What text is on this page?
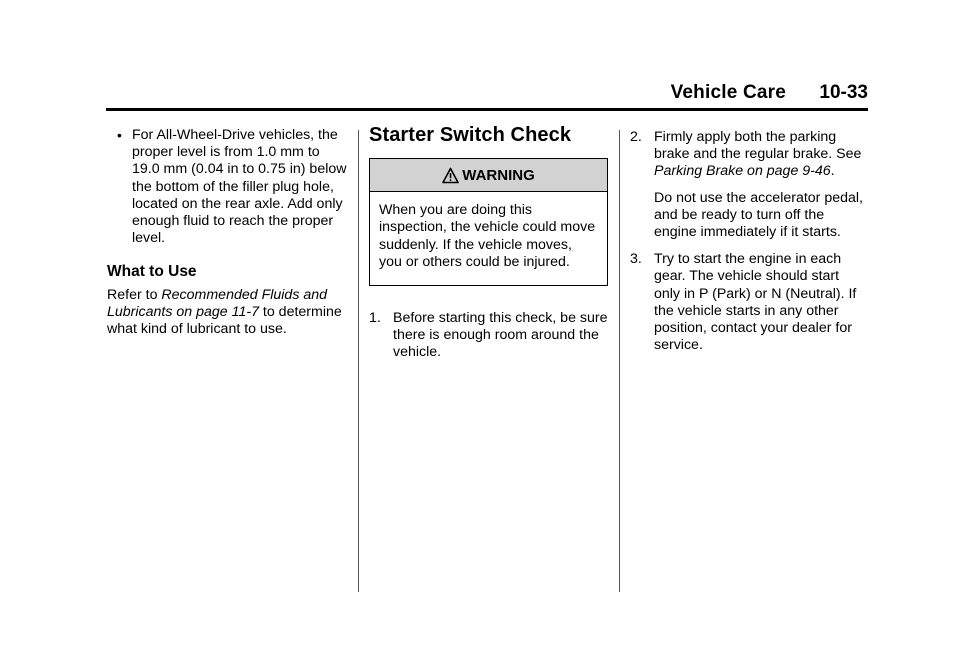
Vehicle Care 10-33
• For All-Wheel-Drive vehicles, the proper level is from 1.0 mm to 19.0 mm (0.04 in to 0.75 in) below the bottom of the filler plug hole, located on the rear axle. Add only enough fluid to reach the proper level.

What to Use

Refer to Recommended Fluids and Lubricants on page 11-7 to determine what kind of lubricant to use.

Starter Switch Check
WARNING
When you are doing this inspection, the vehicle could move suddenly. If the vehicle moves, you or others could be injured.
1. Before starting this check, be sure there is enough room around the vehicle.

2. Firmly apply both the parking brake and the regular brake. See Parking Brake on page 9-46.

Do not use the accelerator pedal, and be ready to turn off the engine immediately if it starts.

3. Try to start the engine in each gear. The vehicle should start only in P (Park) or N (Neutral). If the vehicle starts in any other position, contact your dealer for service.
